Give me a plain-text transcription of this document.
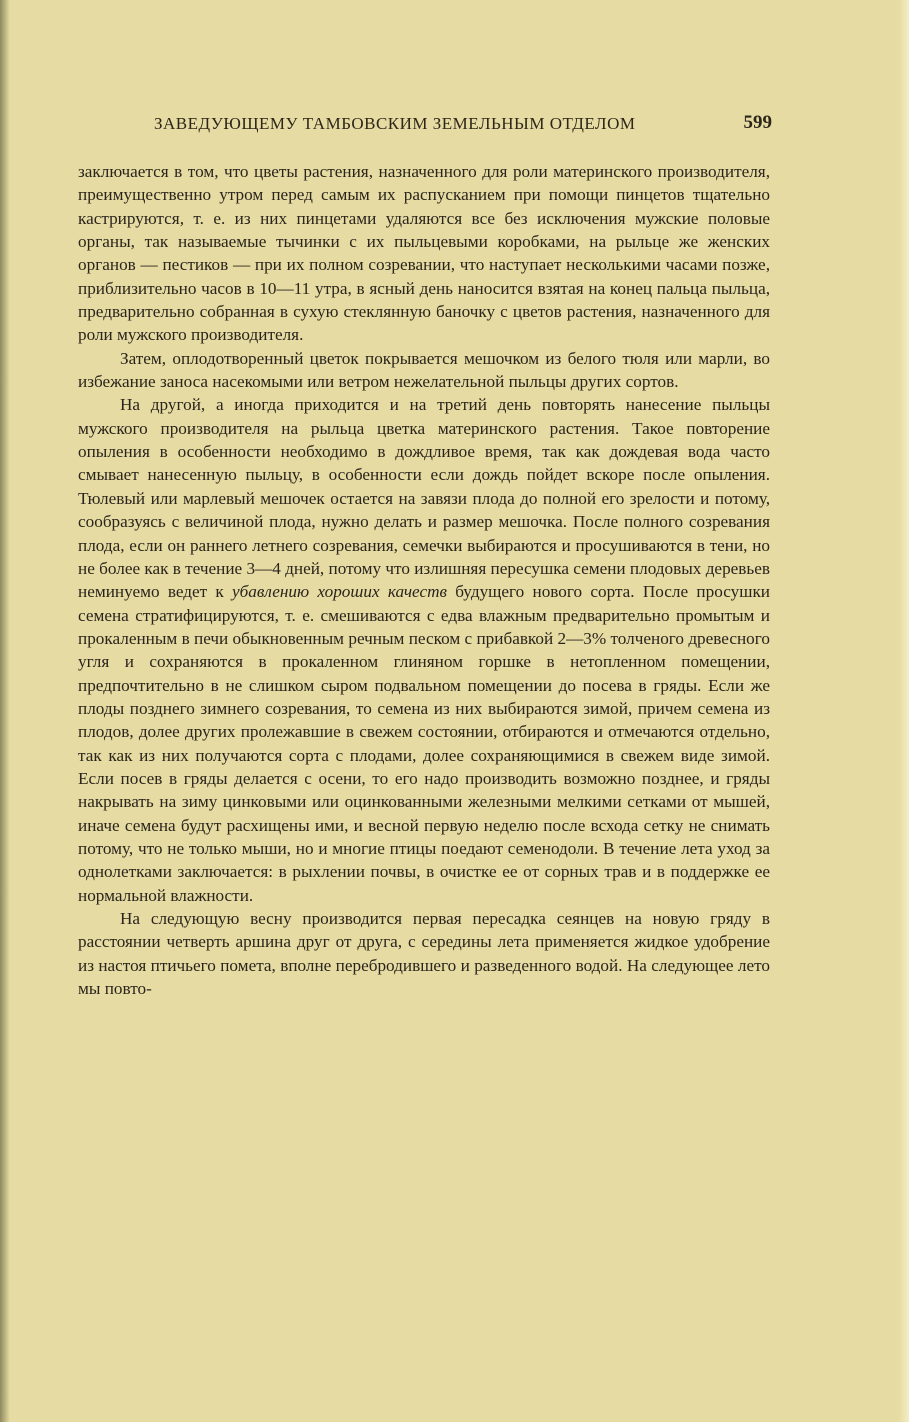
ЗАВЕДУЮЩЕМУ ТАМБОВСКИМ ЗЕМЕЛЬНЫМ ОТДЕЛОМ	599

заключается в том, что цветы растения, назначенного для роли материнского производителя, преимущественно утром перед самым их распусканием при помощи пинцетов тщательно кастрируются, т. е. из них пинцетами удаляются все без исключения мужские половые органы, так называемые тычинки с их пыльцевыми коробками, на рыльце же женских органов — пестиков — при их полном созревании, что наступает несколькими часами позже, приблизительно часов в 10—11 утра, в ясный день наносится взятая на конец пальца пыльца, предварительно собранная в сухую стеклянную баночку с цветов растения, назначенного для роли мужского производителя.

Затем, оплодотворенный цветок покрывается мешочком из белого тюля или марли, во избежание заноса насекомыми или ветром нежелательной пыльцы других сортов.

На другой, а иногда приходится и на третий день повторять нанесение пыльцы мужского производителя на рыльца цветка материнского растения. Такое повторение опыления в особенности необходимо в дождливое время, так как дождевая вода часто смывает нанесенную пыльцу, в особенности если дождь пойдет вскоре после опыления. Тюлевый или марлевый мешочек остается на завязи плода до полной его зрелости и потому, сообразуясь с величиной плода, нужно делать и размер мешочка. После полного созревания плода, если он раннего летнего созревания, семечки выбираются и просушиваются в тени, но не более как в течение 3—4 дней, потому что излишняя пересушка семени плодовых деревьев неминуемо ведет к убавлению хороших качеств будущего нового сорта. После просушки семена стратифицируются, т. е. смешиваются с едва влажным предварительно промытым и прокаленным в печи обыкновенным речным песком с прибавкой 2—3% толченого древесного угля и сохраняются в прокаленном глиняном горшке в нетопленном помещении, предпочтительно в не слишком сыром подвальном помещении до посева в гряды. Если же плоды позднего зимнего созревания, то семена из них выбираются зимой, причем семена из плодов, долее других пролежавшие в свежем состоянии, отбираются и отмечаются отдельно, так как из них получаются сорта с плодами, долее сохраняющимися в свежем виде зимой. Если посев в гряды делается с осени, то его надо производить возможно позднее, и гряды накрывать на зиму цинковыми или оцинкованными железными мелкими сетками от мышей, иначе семена будут расхищены ими, и весной первую неделю после всхода сетку не снимать потому, что не только мыши, но и многие птицы поедают семенодоли. В течение лета уход за однолетками заключается: в рыхлении почвы, в очистке ее от сорных трав и в поддержке ее нормальной влажности.

На следующую весну производится первая пересадка сеянцев на новую гряду в расстоянии четверть аршина друг от друга, с середины лета применяется жидкое удобрение из настоя птичьего помета, вполне перебродившего и разведенного водой. На следующее лето мы повто-
